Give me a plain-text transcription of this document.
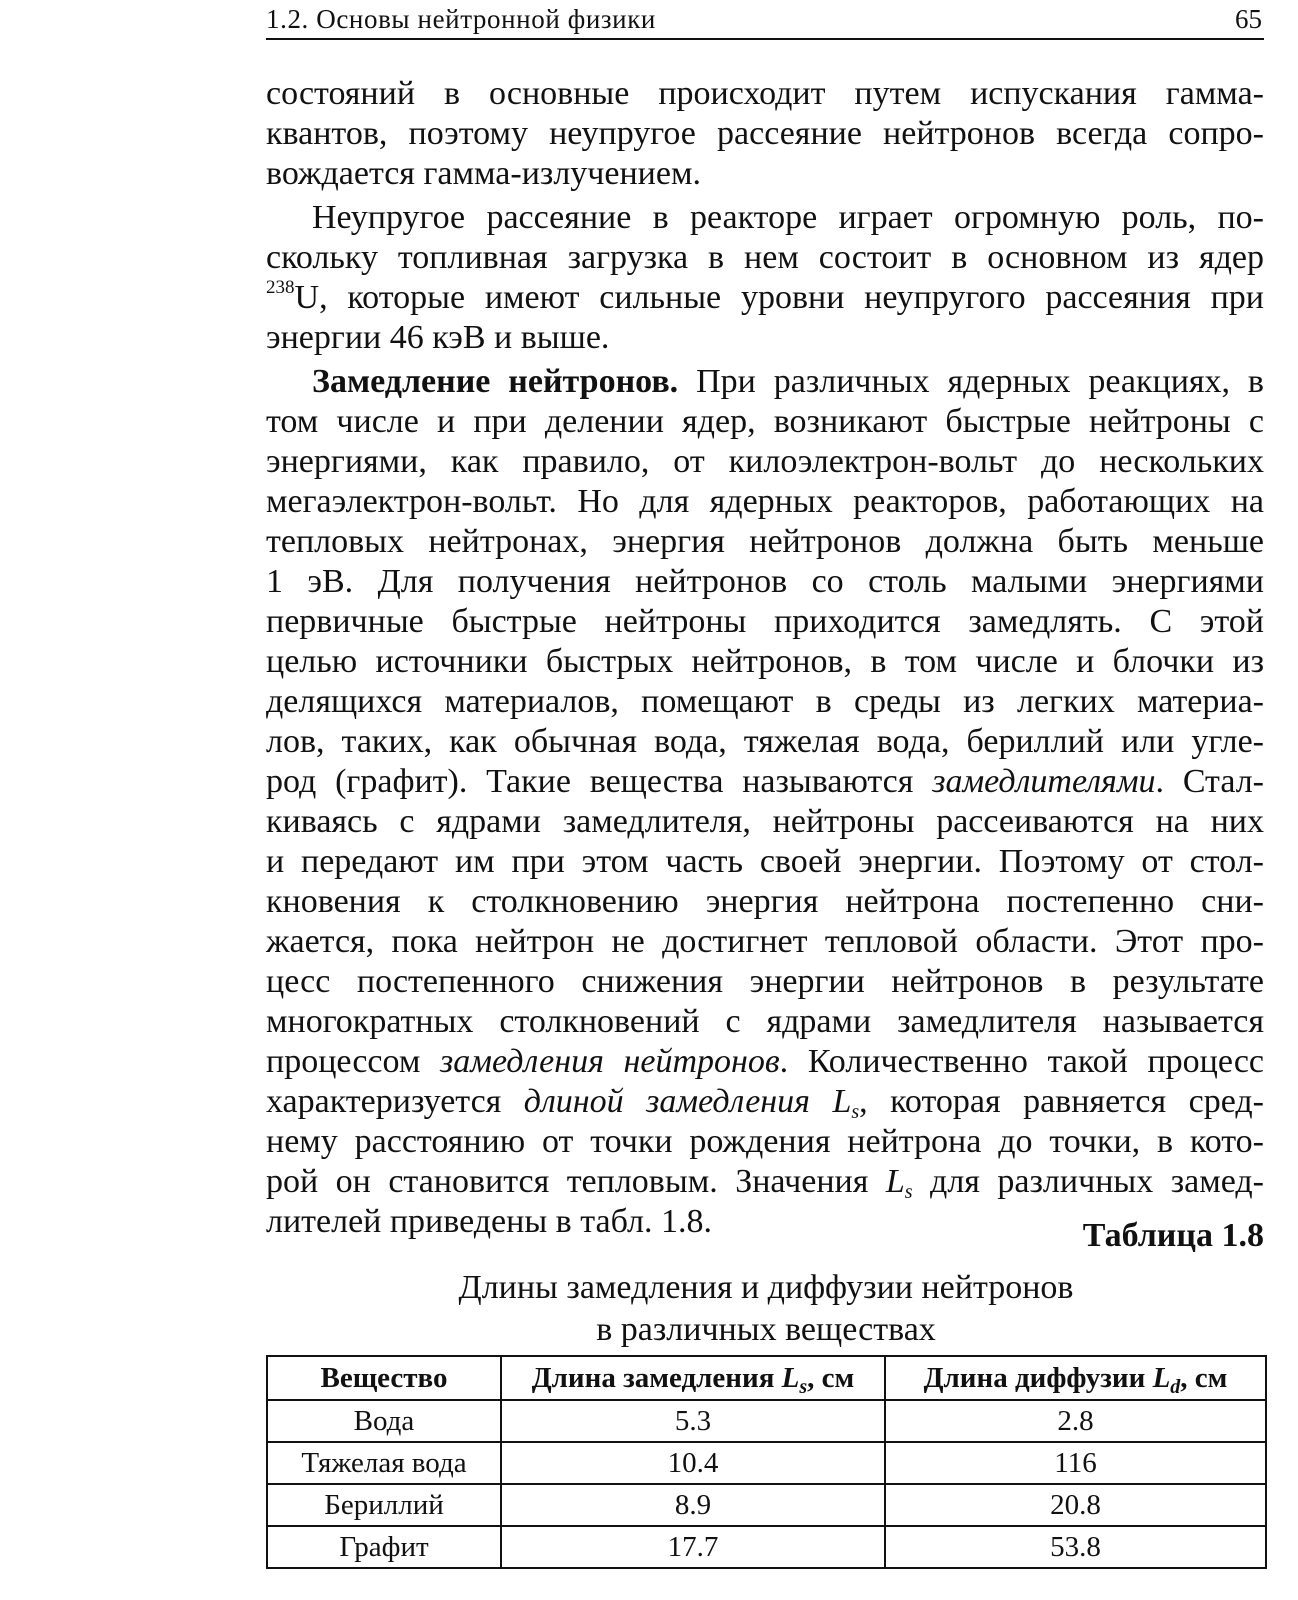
1.2. Основы нейтронной физики	65
состояний в основные происходит путем испускания гамма-
квантов, поэтому неупругое рассеяние нейтронов всегда сопро-
вождается гамма-излучением.
Неупругое рассеяние в реакторе играет огромную роль, по-
скольку топливная загрузка в нем состоит в основном из ядер
$^{238}$U, которые имеют сильные уровни неупругого рассеяния при
энергии 46 кэВ и выше.
Замедление нейтронов. При различных ядерных реакциях, в
том числе и при делении ядер, возникают быстрые нейтроны с
энергиями, как правило, от килоэлектрон-вольт до нескольких
мегаэлектрон-вольт. Но для ядерных реакторов, работающих на
тепловых нейтронах, энергия нейтронов должна быть меньше
1 эВ. Для получения нейтронов со столь малыми энергиями
первичные быстрые нейтроны приходится замедлять. С этой
целью источники быстрых нейтронов, в том числе и блочки из
делящихся материалов, помещают в среды из легких материа-
лов, таких, как обычная вода, тяжелая вода, бериллий или угле-
род (графит). Такие вещества называются замедлителями. Стал-
киваясь с ядрами замедлителя, нейтроны рассеиваются на них
и передают им при этом часть своей энергии. Поэтому от стол-
кновения к столкновению энергия нейтрона постепенно сни-
жается, пока нейтрон не достигнет тепловой области. Этот про-
цесс постепенного снижения энергии нейтронов в результате
многократных столкновений с ядрами замедлителя называется
процессом замедления нейтронов. Количественно такой процесс
характеризуется длиной замедления $L_s$, которая равняется сред-
нему расстоянию от точки рождения нейтрона до точки, в кото-
рой он становится тепловым. Значения $L_s$ для различных замед-
лителей приведены в табл. 1.8.	Таблица 1.8
Длины замедления и диффузии нейтронов
в различных веществах
Вещество	Длина замедления $L_s$, см	Длина диффузии $L_d$, см
Вода	5.3	2.8
Тяжелая вода	10.4	116
Бериллий	8.9	20.8
Графит	17.7	53.8
